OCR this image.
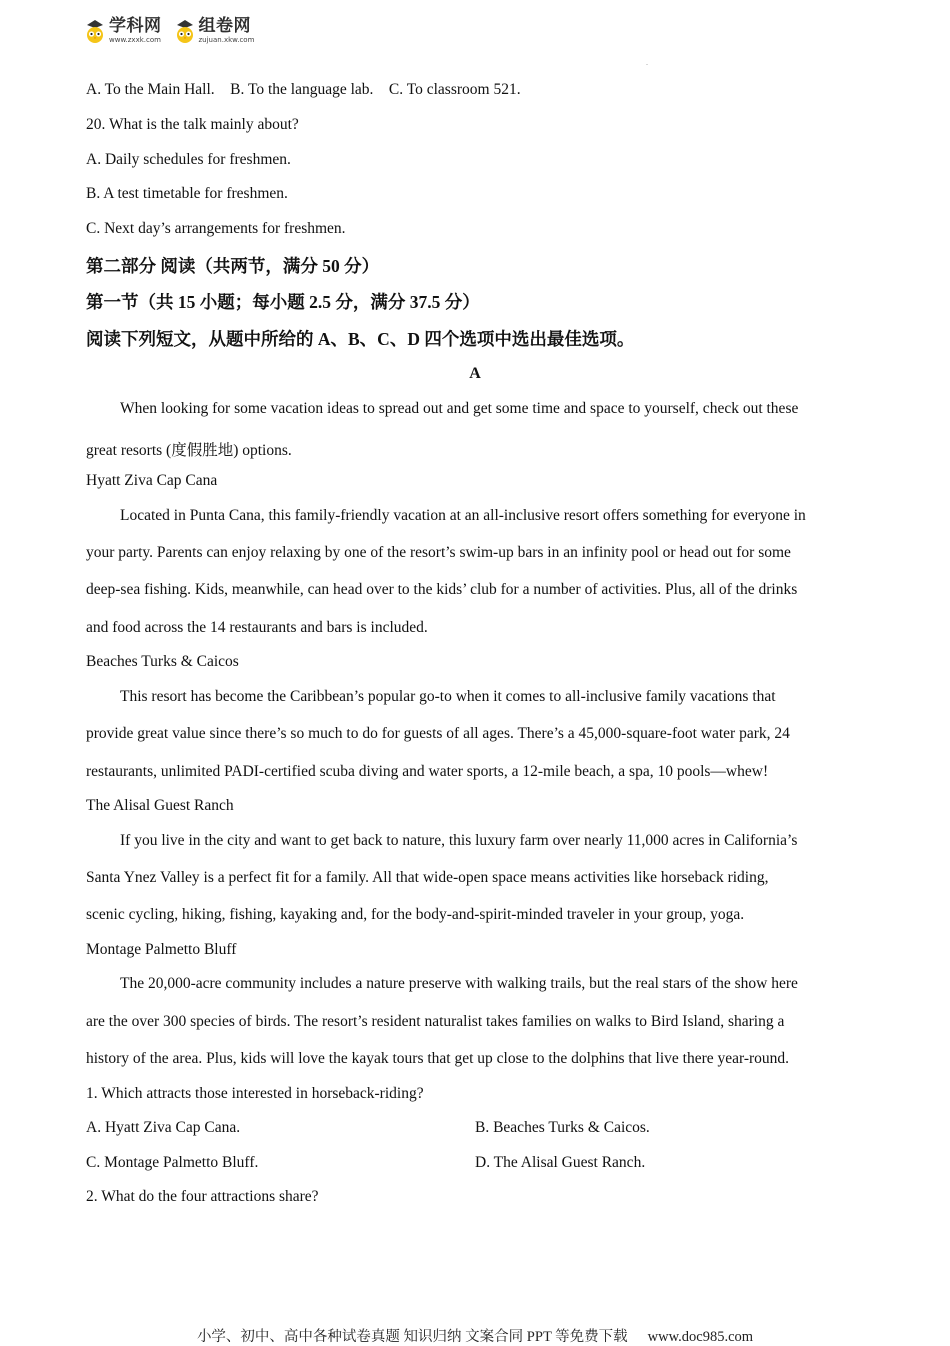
学科网
www.zxxk.com
组卷网
zujuan.xkw.com
.
A. To the Main Hall. B. To the language lab. C. To classroom 521.
20. What is the talk mainly about?
A. Daily schedules for freshmen.
B. A test timetable for freshmen.
C. Next day’s arrangements for freshmen.
第二部分 阅读（共两节，满分 50 分）
第一节（共 15 小题；每小题 2.5 分，满分 37.5 分）
阅读下列短文，从题中所给的 A、B、C、D 四个选项中选出最佳选项。
A
When looking for some vacation ideas to spread out and get some time and space to yourself, check out these
great resorts (度假胜地) options.
Hyatt Ziva Cap Cana
Located in Punta Cana, this family-friendly vacation at an all-inclusive resort offers something for everyone in
your party. Parents can enjoy relaxing by one of the resort’s swim-up bars in an infinity pool or head out for some
deep-sea fishing. Kids, meanwhile, can head over to the kids’ club for a number of activities. Plus, all of the drinks
and food across the 14 restaurants and bars is included.
Beaches Turks & Caicos
This resort has become the Caribbean’s popular go-to when it comes to all-inclusive family vacations that
provide great value since there’s so much to do for guests of all ages. There’s a 45,000-square-foot water park, 24
restaurants, unlimited PADI-certified scuba diving and water sports, a 12-mile beach, a spa, 10 pools—whew!
The Alisal Guest Ranch
If you live in the city and want to get back to nature, this luxury farm over nearly 11,000 acres in California’s
Santa Ynez Valley is a perfect fit for a family. All that wide-open space means activities like horseback riding,
scenic cycling, hiking, fishing, kayaking and, for the body-and-spirit-minded traveler in your group, yoga.
Montage Palmetto Bluff
The 20,000-acre community includes a nature preserve with walking trails, but the real stars of the show here
are the over 300 species of birds. The resort’s resident naturalist takes families on walks to Bird Island, sharing a
history of the area. Plus, kids will love the kayak tours that get up close to the dolphins that live there year-round.
1. Which attracts those interested in horseback-riding?
A. Hyatt Ziva Cap Cana.	B. Beaches Turks & Caicos.
C. Montage Palmetto Bluff.	D. The Alisal Guest Ranch.
2. What do the four attractions share?
小学、初中、高中各种试卷真题 知识归纳 文案合同 PPT 等免费下载 www.doc985.com
